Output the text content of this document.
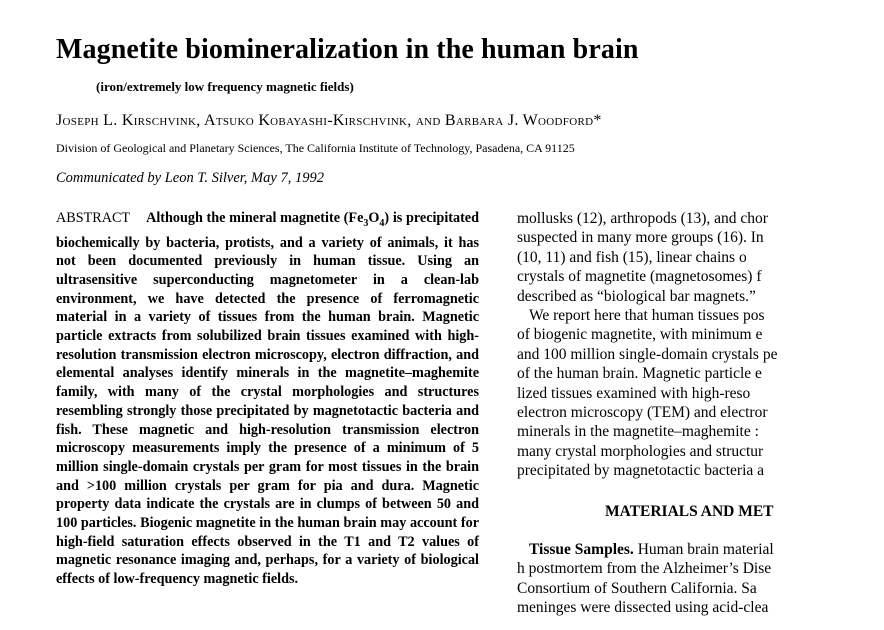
Magnetite biomineralization in the human brain
(iron/extremely low frequency magnetic fields)
Joseph L. Kirschvink, Atsuko Kobayashi-Kirschvink, and Barbara J. Woodford*
Division of Geological and Planetary Sciences, The California Institute of Technology, Pasadena, CA 91125
Communicated by Leon T. Silver, May 7, 1992

ABSTRACT Although the mineral magnetite $(Fe_3O_4)$ is precipitated biochemically by bacteria, protists, and a variety of animals, it has not been documented previously in human tissue. Using an ultrasensitive superconducting magnetometer in a clean-lab environment, we have detected the presence of ferromagnetic material in a variety of tissues from the human brain. Magnetic particle extracts from solubilized brain tissues examined with high-resolution transmission electron microscopy, electron diffraction, and elemental analyses identify minerals in the magnetite–maghemite family, with many of the crystal morphologies and structures resembling strongly those precipitated by magnetotactic bacteria and fish. These magnetic and high-resolution transmission electron microscopy measurements imply the presence of a minimum of 5 million single-domain crystals per gram for most tissues in the brain and >100 million crystals per gram for pia and dura. Magnetic property data indicate the crystals are in clumps of between 50 and 100 particles. Biogenic magnetite in the human brain may account for high-field saturation effects observed in the T1 and T2 values of magnetic resonance imaging and, perhaps, for a variety of biological effects of low-frequency magnetic fields.

mollusks (12), arthropods (13), and chor
suspected in many more groups (16). In
(10, 11) and fish (15), linear chains o
crystals of magnetite (magnetosomes) f
described as “biological bar magnets.”
We report here that human tissues pos
of biogenic magnetite, with minimum e
and 100 million single-domain crystals pe
of the human brain. Magnetic particle e
lized tissues examined with high-reso
electron microscopy (TEM) and electror
minerals in the magnetite–maghemite :
many crystal morphologies and structur
precipitated by magnetotactic bacteria a
MATERIALS AND MET
Tissue Samples. Human brain material
h postmortem from the Alzheimer’s Dise
Consortium of Southern California. Sa
meninges were dissected using acid-clea
